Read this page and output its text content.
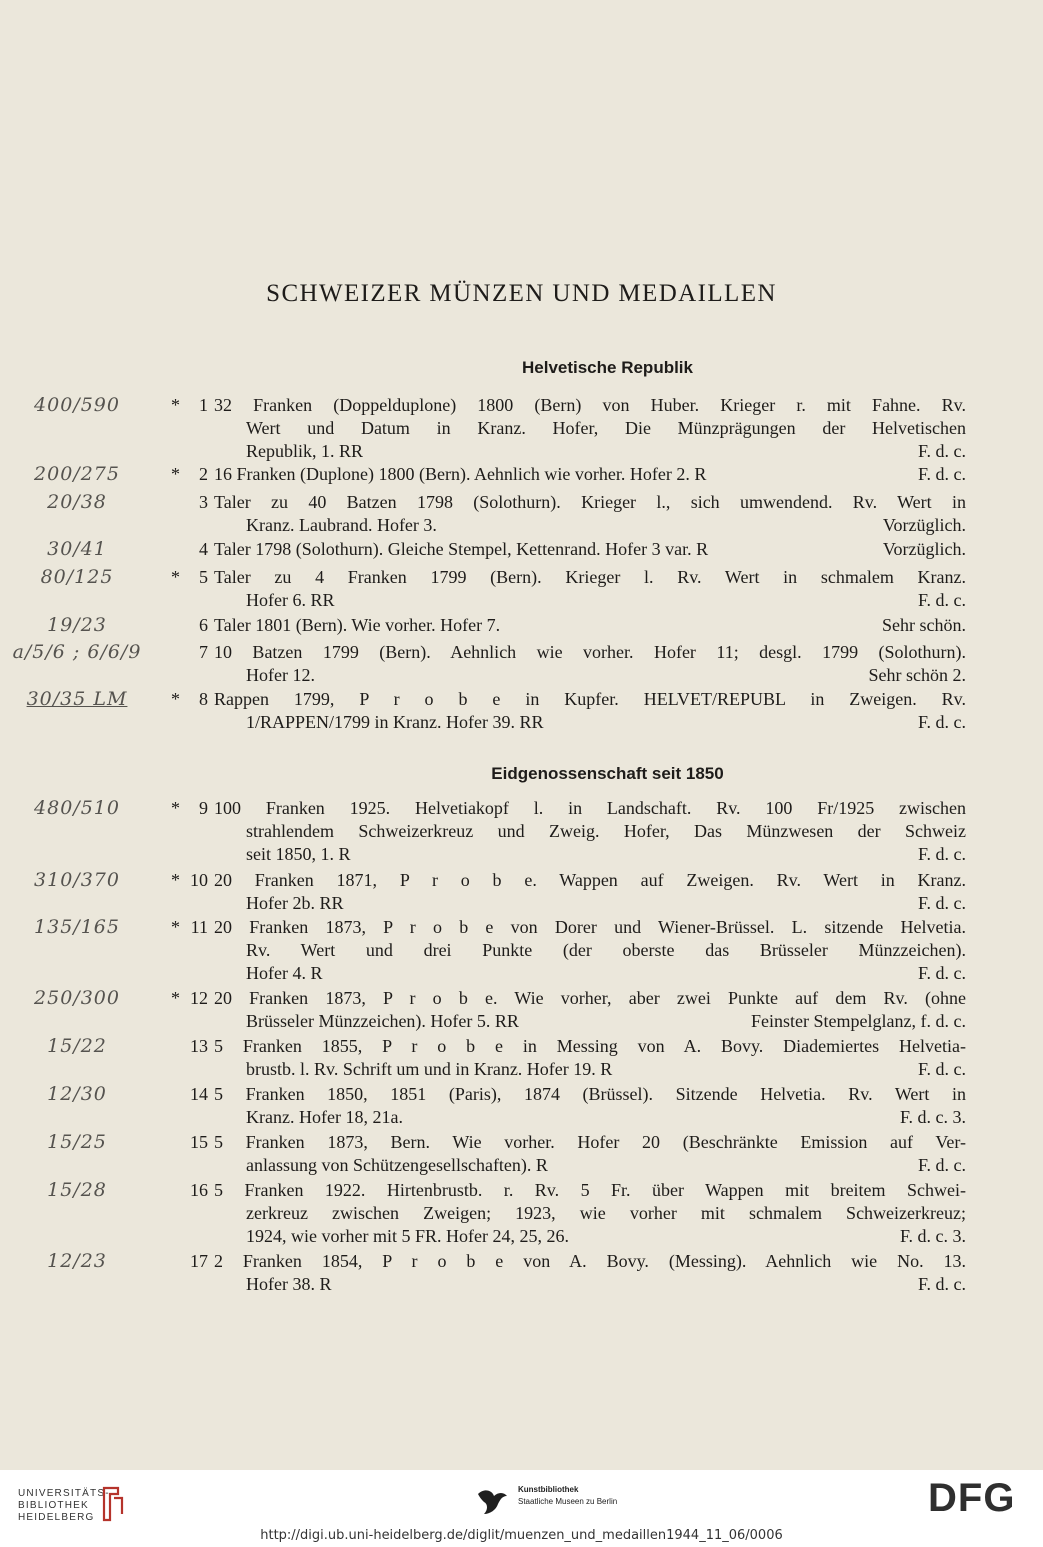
SCHWEIZER MÜNZEN UND MEDAILLEN
Helvetische Republik
400/590	*	1 32 Franken (Doppelduplone) 1800 (Bern) von Huber. Krieger r. mit Fahne. Rv.
Wert und Datum in Kranz. Hofer, Die Münzprägungen der Helvetischen
Republik, 1. RR	F. d. c.
200/275	*	2 16 Franken (Duplone) 1800 (Bern). Aehnlich wie vorher. Hofer 2. R	F. d. c.
20/38	3 Taler zu 40 Batzen 1798 (Solothurn). Krieger l., sich umwendend. Rv. Wert in
Kranz. Laubrand. Hofer 3.	Vorzüglich.
30/41	4 Taler 1798 (Solothurn). Gleiche Stempel, Kettenrand. Hofer 3 var. R	Vorzüglich.
80/125	*	5 Taler zu 4 Franken 1799 (Bern). Krieger l. Rv. Wert in schmalem Kranz.
Hofer 6. RR	F. d. c.
19/23	6 Taler 1801 (Bern). Wie vorher. Hofer 7.	Sehr schön.
a/5/6 ; 6/6/9	7 10 Batzen 1799 (Bern). Aehnlich wie vorher. Hofer 11; desgl. 1799 (Solothurn).
Hofer 12.	Sehr schön 2.
30/35 LM	*	8 Rappen 1799, P r o b e in Kupfer. HELVET/REPUBL in Zweigen. Rv.
1/RAPPEN/1799 in Kranz. Hofer 39. RR	F. d. c.
Eidgenossenschaft seit 1850
480/510	*	9 100 Franken 1925. Helvetiakopf l. in Landschaft. Rv. 100 Fr/1925 zwischen
strahlendem Schweizerkreuz und Zweig. Hofer, Das Münzwesen der Schweiz
seit 1850, 1. R	F. d. c.
310/370	* 10 20 Franken 1871, P r o b e. Wappen auf Zweigen. Rv. Wert in Kranz.
Hofer 2b. RR	F. d. c.
135/165	* 11 20 Franken 1873, P r o b e von Dorer und Wiener-Brüssel. L. sitzende Helvetia.
Rv. Wert und drei Punkte (der oberste das Brüsseler Münzzeichen).
Hofer 4. R	F. d. c.
250/300	* 12 20 Franken 1873, P r o b e. Wie vorher, aber zwei Punkte auf dem Rv. (ohne
Brüsseler Münzzeichen). Hofer 5. RR	Feinster Stempelglanz, f. d. c.
15/22	13 5 Franken 1855, P r o b e in Messing von A. Bovy. Diademiertes Helvetia-
brustb. l. Rv. Schrift um und in Kranz. Hofer 19. R	F. d. c.
12/30	14 5 Franken 1850, 1851 (Paris), 1874 (Brüssel). Sitzende Helvetia. Rv. Wert in
Kranz. Hofer 18, 21a.	F. d. c. 3.
15/25	15 5 Franken 1873, Bern. Wie vorher. Hofer 20 (Beschränkte Emission auf Ver-
anlassung von Schützengesellschaften). R	F. d. c.
15/28	16 5 Franken 1922. Hirtenbrustb. r. Rv. 5 Fr. über Wappen mit breitem Schwei-
zerkreuz zwischen Zweigen; 1923, wie vorher mit schmalem Schweizerkreuz;
1924, wie vorher mit 5 FR. Hofer 24, 25, 26.	F. d. c. 3.
12/23	17 2 Franken 1854, P r o b e von A. Bovy. (Messing). Aehnlich wie No. 13.
Hofer 38. R	F. d. c.
UNIVERSITÄTS-
BIBLIOTHEK
HEIDELBERG
Kunstbibliothek
Staatliche Museen zu Berlin	DFG
http://digi.ub.uni-heidelberg.de/diglit/muenzen_und_medaillen1944_11_06/0006
